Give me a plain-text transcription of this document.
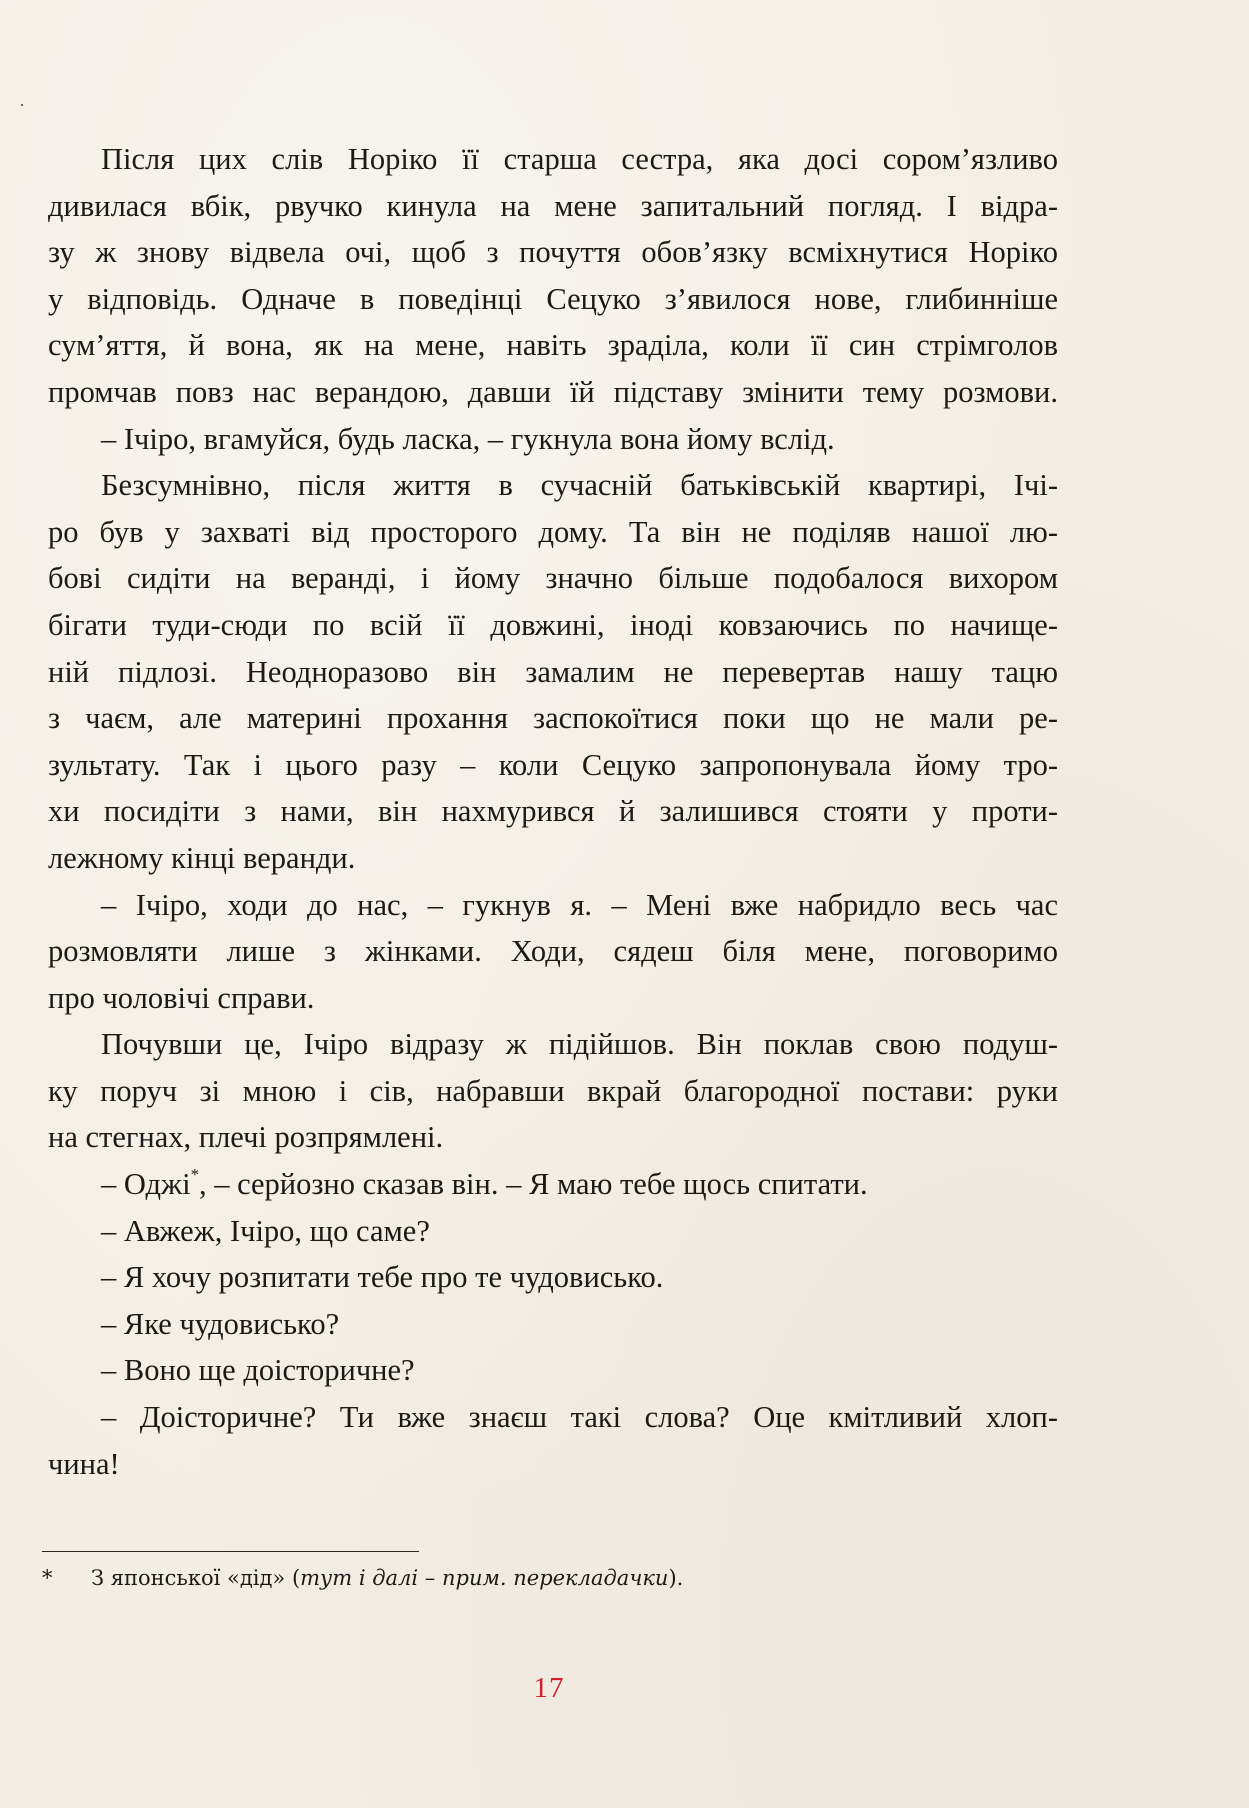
Після цих слів Норіко її старша сестра, яка досі сором’язливо
дивилася вбік, рвучко кинула на мене запитальний погляд. І відра-
зу ж знову відвела очі, щоб з почуття обов’язку всміхнутися Норіко
у відповідь. Одначе в поведінці Сецуко з’явилося нове, глибинніше
сум’яття, й вона, як на мене, навіть зраділа, коли її син стрімголов
промчав повз нас верандою, давши їй підставу змінити тему розмови.
– Ічіро, вгамуйся, будь ласка, – гукнула вона йому вслід.
Безсумнівно, після життя в сучасній батьківській квартирі, Ічі-
ро був у захваті від просторого дому. Та він не поділяв нашої лю-
бові сидіти на веранді, і йому значно більше подобалося вихором
бігати туди-сюди по всій її довжині, іноді ковзаючись по начище-
ній підлозі. Неодноразово він замалим не перевертав нашу тацю
з чаєм, але материні прохання заспокоїтися поки що не мали ре-
зультату. Так і цього разу – коли Сецуко запропонувала йому тро-
хи посидіти з нами, він нахмурився й залишився стояти у проти-
лежному кінці веранди.
– Ічіро, ходи до нас, – гукнув я. – Мені вже набридло весь час
розмовляти лише з жінками. Ходи, сядеш біля мене, поговоримо
про чоловічі справи.
Почувши це, Ічіро відразу ж підійшов. Він поклав свою подуш-
ку поруч зі мною і сів, набравши вкрай благородної постави: руки
на стегнах, плечі розпрямлені.
– Оджі*, – серйозно сказав він. – Я маю тебе щось спитати.
– Авжеж, Ічіро, що саме?
– Я хочу розпитати тебе про те чудовисько.
– Яке чудовисько?
– Воно ще доісторичне?
– Доісторичне? Ти вже знаєш такі слова? Оце кмітливий хлоп-
чина!
* З японської «дід» (тут і далі – прим. перекладачки).
17
